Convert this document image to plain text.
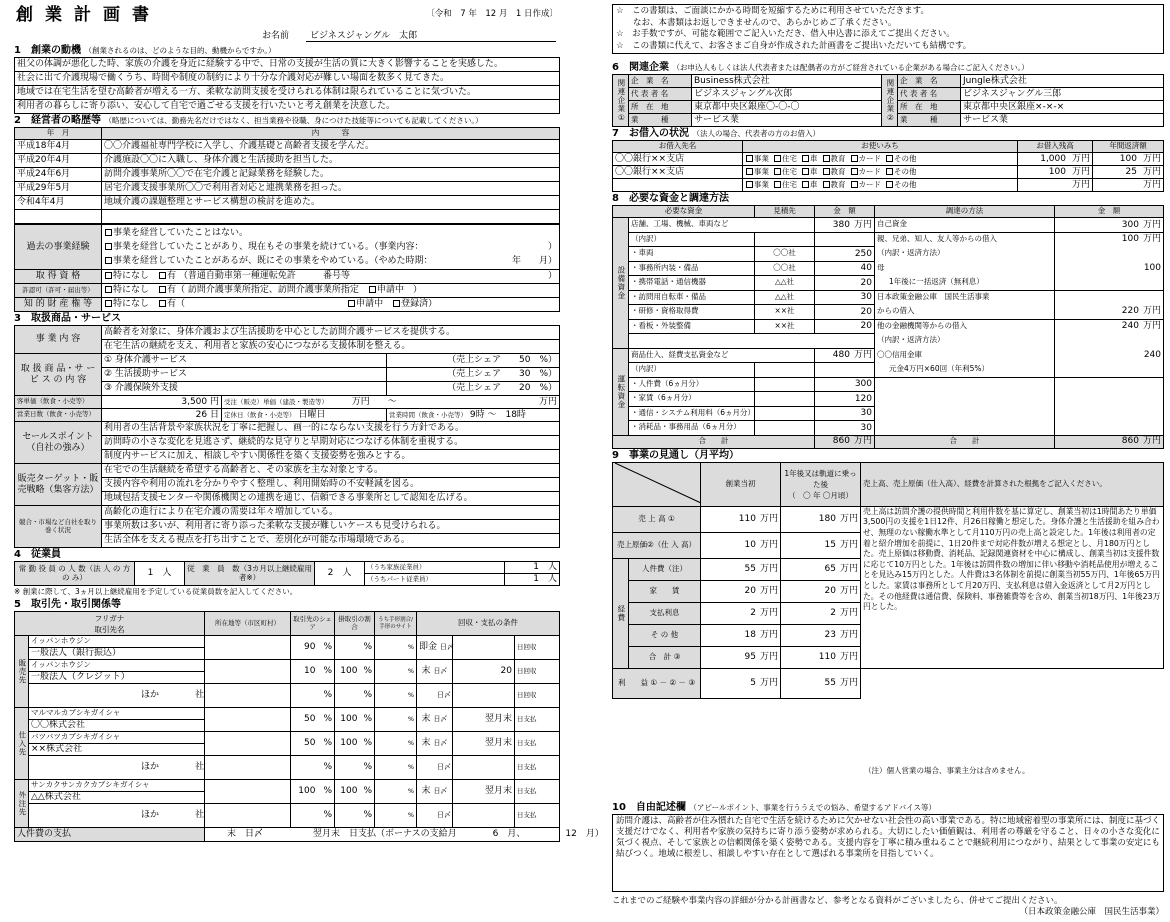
創業計画書	〔令和　7 年　12 月　1 日作成〕
お名前	ビジネスジャングル　太郎
1　創業の動機 （創業されるのは、どのような目的、動機からですか。）
祖父の体調が悪化した時、家族の介護を身近に経験する中で、日常の支援が生活の質に大きく影響することを実感した。
社会に出て介護現場で働くうち、時間や制度の制約により十分な介護対応が難しい場面を数多く見てきた。
地域では在宅生活を望む高齢者が増える一方、柔軟な訪問支援を受けられる体制は限られていることに気づいた。
利用者の暮らしに寄り添い、安心して自宅で過ごせる支援を行いたいと考え創業を決意した。
2　経営者の略歴等 （略歴については、勤務先名だけではなく、担当業務や役職、身につけた技能等についても記載してください。）
年　月	内　　　容
平成18年4月	〇〇介護福祉専門学校に入学し、介護基礎と高齢者支援を学んだ。
平成20年4月	介護施設〇〇に入職し、身体介護と生活援助を担当した。
平成24年6月	訪問介護事業所〇〇で在宅介護と記録業務を経験した。
平成29年5月	居宅介護支援事業所〇〇で利用者対応と連携業務を担った。
令和4年4月	地域介護の課題整理とサービス構想の検討を進めた。

過去の事業経験	事業を経営していたことはない。
事業を経営していたことがあり、現在もその事業を続けている。（事業内容： ）
事業を経営していたことがあるが、既にその事業をやめている。（やめた時期： 年　　月）

取 得 資 格	特になし　 有 （普通自動車第一種運転免許　　　 番号等 ）

許認可（許可・届出等）	特になし　 有（ 訪問介護事業所指定、訪問介護事業所指定　 申請中　）
知 的 財 産 権 等	特になし　 有（　　　　　　　　　　　　　　　　　　申請中　 登録済）
3　取扱商品・サービス
事 業 内 容	高齢者を対象に、身体介護および生活援助を中心とした訪問介護サービスを提供する。		
	在宅生活の継続を支え、利用者と家族の安心につながる支援体制を整える。		
取 扱 商 品・サ ー ビ ス の 内 容	① 身体介護サービス		（売上シェア　　50　%）
	② 生活援助サービス		（売上シェア　　30　%）
	③ 介護保険外支援		（売上シェア　　20　%）
客単価（飲食・小売等）	3,500 円	受注（販売）単価（建設・製造等）　　　 万円　　 〜 万円	

営業日数（飲食・小売等）	26 日	定休日（飲食・小売等） 日曜日	営業時間（飲食・小売等） 9時 〜　18時
セールスポイント（自社の強み）	利用者の生活背景や家族状況を丁寧に把握し、画一的にならない支援を行う方針である。		
	訪問時の小さな変化を見逃さず、継続的な見守りと早期対応につなげる体制を重視する。		
	制度内サービスに加え、相談しやすい関係性を築く支援姿勢を強みとする。		
販売ターゲット・販売戦略（集客方法）	在宅での生活継続を希望する高齢者と、その家族を主な対象とする。		
	支援内容や利用の流れを分かりやすく整理し、利用開始時の不安軽減を図る。		
	地域包括支援センターや関係機関との連携を通じ、信頼できる事業所として認知を広げる。		
競合・市場など自社を取り巻く状況	高齢化の進行により在宅介護の需要は年々増加している。		
	事業所数は多いが、利用者に寄り添った柔軟な支援が難しいケースも見受けられる。		
	生活全体を支える視点を打ち出すことで、差別化が可能な市場環境である。		
4　従業員
常 勤 役 員 の 人 数（法 人 の 方 の み）	1　人	従　業　員　数（3カ月以上継続雇用者※）	2　人	（うち家族従業員）	1　人
				（うちパート従業員）	1　人
※ 創業に際して、3ヵ月以上継続雇用を予定している従業員数を記入してください。
5　取引先・取引関係等
フリガナ
取引先名		所在地等（市区町村）	取引先のシェア	掛取引の割合	うち手形割合/手形のサイト	回収・支払の条件		
販売先	イッパンホウジン		90 %	%	%	即金 日〆		日回収
	一般法人（銀行振込）							
	イッパンホウジン		10 %	100 %	%	末 日〆	20	日回収
	一般法人（クレジット）							
	ほか　　　　社		%	%	%	日〆		日回収

仕入先	マルマルカブシキガイシャ		50 %	100 %	%	末 日〆	翌月末	日支払
	〇〇株式会社							
	バツバツカブシキガイシャ		50 %	100 %	%	末 日〆	翌月末	日支払
	××株式会社							
	ほか　　　　社		%	%	%	日〆		日支払

外注先	サンカクサンカクカブシキガイシャ		100 %	100 %	%	末 日〆	翌月末	日支払
	△△株式会社							
	ほか　　　　社		%	%	%	日〆		日支払

人件費の支払		末　日〆 翌月末　日支払（ボーナスの支給月 6　月、 12　月）						
☆　この書類は、ご面談にかかる時間を短縮するために利用させていただきます。
　　なお、本書類はお返しできませんので、あらかじめご了承ください。
☆　お手数ですが、可能な範囲でご記入いただき、借入申込書に添えてご提出ください。
☆　この書類に代えて、お客さまご自身が作成された計画書をご提出いただいても結構です。
6　関連企業 （お申込人もしくは法人代表者または配偶者の方がご経営されている企業がある場合にご記入ください。）
関連企業①	企　業　名	Business株式会社	関連企業②	企　業　名	Jungle株式会社
	代 表 者 名	ビジネスジャングル次郎		代 表 者 名	ビジネスジャングル三郎
	所　在　地	東京都中央区銀座〇-〇-〇		所　在　地	東京都中央区銀座×-×-×
	業　　　種	サービス業		業　　　種	サービス業
7　お借入の状況 （法人の場合、代表者の方のお借入）
お借入先名	お使いみち	お借入残高	年間返済額
〇〇銀行××支店	事業 住宅 車 教育 カード その他	1,000 万円	100 万円
〇〇銀行××支店	事業 住宅 車 教育 カード その他	100 万円	25 万円
	事業 住宅 車 教育 カード その他	万円	万円
8　必要な資金と調達方法
必要な資金		見積先	金　額	調達の方法	金　額
設備資金	店舗、工場、機械、車両など		380 万円	自己資金	300 万円
	（内訳）			親、兄弟、知人、友人等からの借入	100 万円
	・車両	〇〇社	250	（内訳・返済方法）	
	・事務所内装・備品	〇〇社	40	母	100
	・携帯電話・通信機器	△△社	20	1年後に一括返済（無利息）	
	・訪問用自転車・備品	△△社	30	日本政策金融公庫　国民生活事業	
	・研修・資格取得費	××社	20	からの借入	220 万円
	・看板・外装整備	××社	20	他の金融機関等からの借入	240 万円
				（内訳・返済方法）	
運転資金	商品仕入、経費支払資金など		480 万円	〇〇信用金庫	240
	（内訳）			元金4万円×60回（年利5%）	
	・人件費（6ヵ月分）		300		
	・家賃（6ヵ月分）		120		
	・通信・システム利用料（6ヵ月分）		30		
	・消耗品・事務用品（6ヵ月分）		30		
合　　計			860 万円	合　　計	860 万円
9　事業の見通し（月平均）
	創業当初	1年後又は軌道に乗った後
（　〇 年 〇月頃）	売上高、売上原価（仕入高）、経費を計算された根拠をご記入ください。
売 上 高 ①		110 万円	180 万円	売上高は訪問介護の提供時間と利用件数を基に算定し、創業当初は1時間あたり単価3,500円の支援を1日12件、月26日稼働と想定した。身体介護と生活援助を組み合わせ、無理のない稼働水準として月110万円の売上高と設定した。1年後は利用者の定着と紹介増加を前提に、1日20件まで対応件数が増える想定とし、月180万円とした。売上原価は移動費、消耗品、記録関連資材を中心に構成し、創業当初は支援件数に応じて10万円とした。1年後は訪問件数の増加に伴い移動や消耗品使用が増えることを見込み15万円とした。人件費は3名体制を前提に創業当初55万円、1年後65万円とした。家賃は事務所として月20万円、支払利息は借入金返済として月2万円とした。その他経費は通信費、保険料、事務雑費等を含め、創業当初18万円、1年後23万円とした。
売上原価②（仕 入 高）		10 万円	15 万円	
経費	人件費（注）	55 万円	65 万円	
	家　　賃	20 万円	20 万円	
	支払利息	2 万円	2 万円	
	そ の 他	18 万円	23 万円	
	合　計 ③	95 万円	110 万円	
利　　益 ① － ② － ③		5 万円	55 万円	
（注）個人営業の場合、事業主分は含めません。
10　自由記述欄 （アピールポイント、事業を行ううえでの悩み、希望するアドバイス等）
訪問介護は、高齢者が住み慣れた自宅で生活を続けるために欠かせない社会性の高い事業である。特に地域密着型の事業所には、制度に基づく支援だけでなく、利用者や家族の気持ちに寄り添う姿勢が求められる。大切にしたい価値観は、利用者の尊厳を守ること、日々の小さな変化に気づく視点、そして家族との信頼関係を築く姿勢である。支援内容を丁寧に積み重ねることで継続利用につながり、結果として事業の安定にも結びつく。地域に根差し、相談しやすい存在として選ばれる事業所を目指していく。
これまでのご経験や事業内容の詳細が分かる計画書など、参考となる資料がございましたら、併せてご提出ください。
（日本政策金融公庫　国民生活事業）
